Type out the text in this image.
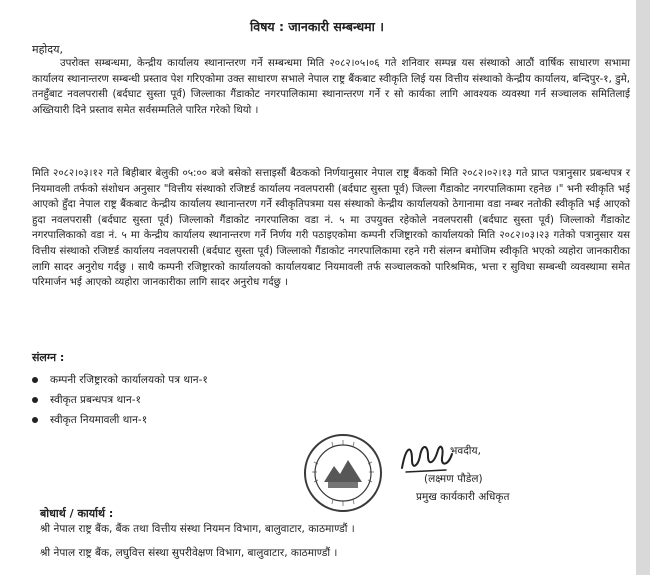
विषय : जानकारी सम्बन्धमा ।
महोदय,
उपरोक्त सम्बन्धमा, केन्द्रीय कार्यालय स्थानान्तरण गर्ने सम्बन्धमा मिति २०८२।०५।०६ गते शनिवार सम्पन्न यस संस्थाको आठौं वार्षिक साधारण सभामा कार्यालय स्थानान्तरण सम्बन्धी प्रस्ताव पेश गरिएकोमा उक्त साधारण सभाले नेपाल राष्ट्र बैंकबाट स्वीकृति लिई यस वित्तीय संस्थाको केन्द्रीय कार्यालय, बन्दिपुर-१, डुमे, तनहुँबाट नवलपरासी (बर्दघाट सुस्ता पूर्व) जिल्लाका गैंडाकोट नगरपालिकामा स्थानान्तरण गर्ने र सो कार्यका लागि आवश्यक व्यवस्था गर्न सञ्चालक समितिलाई अख्तियारी दिने प्रस्ताव समेत सर्वसम्मतिले पारित गरेको थियो ।
मिति २०८२।०३।१२ गते बिहीबार बेलुकी ०५:०० बजे बसेको सत्ताइसौं बैठकको निर्णयानुसार नेपाल राष्ट्र बैंकको मिति २०८२।०२।१३ गते प्राप्त पत्रानुसार प्रबन्धपत्र र नियमावली तर्फको संशोधन अनुसार "वित्तीय संस्थाको रजिष्टर्ड कार्यालय नवलपरासी (बर्दघाट सुस्ता पूर्व) जिल्ला गैंडाकोट नगरपालिकामा रहनेछ ।" भनी स्वीकृति भई आएको हुँदा नेपाल राष्ट्र बैंकबाट केन्द्रीय कार्यालय स्थानान्तरण गर्ने स्वीकृतिपत्रमा यस संस्थाको केन्द्रीय कार्यालयको ठेगानामा वडा नम्बर नतोकी स्वीकृति भई आएको हुदा नवलपरासी (बर्दघाट सुस्ता पूर्व) जिल्लाको गैंडाकोट नगरपालिका वडा नं. ५ मा उपयुक्त रहेकोले नवलपरासी (बर्दघाट सुस्ता पूर्व) जिल्लाको गैंडाकोट नगरपालिकाको वडा नं. ५ मा केन्द्रीय कार्यालय स्थानान्तरण गर्ने निर्णय गरी पठाइएकोमा कम्पनी रजिष्ट्रारको कार्यालयको मिति २०८२।०३।२३ गतेको पत्रानुसार यस वित्तीय संस्थाको रजिष्टर्ड कार्यालय नवलपरासी (बर्दघाट सुस्ता पूर्व) जिल्लाको गैंडाकोट नगरपालिकामा रहने गरी संलग्न बमोजिम स्वीकृति भएको व्यहोरा जानकारीका लागि सादर अनुरोध गर्दछु । साथै कम्पनी रजिष्ट्रारको कार्यालयको कार्यालयबाट नियमावली तर्फ सञ्चालकको पारिश्रमिक, भत्ता र सुविधा सम्बन्धी व्यवस्थामा समेत परिमार्जन भई आएको व्यहोरा जानकारीका लागि सादर अनुरोध गर्दछु ।
संलग्न :
कम्पनी रजिष्ट्रारको कार्यालयको पत्र थान-१
स्वीकृत प्रबन्धपत्र थान-१
स्वीकृत नियमावली थान-१
भवदीय,
(लक्ष्मण पौडेल)
प्रमुख कार्यकारी अधिकृत
बोधार्थ / कार्यार्थ :
श्री नेपाल राष्ट्र बैंक, बैंक तथा वित्तीय संस्था नियमन विभाग, बालुवाटार, काठमाण्डौं ।
श्री नेपाल राष्ट्र बैंक, लघुवित्त संस्था सुपरीवेक्षण विभाग, बालुवाटार, काठमाण्डौं ।
